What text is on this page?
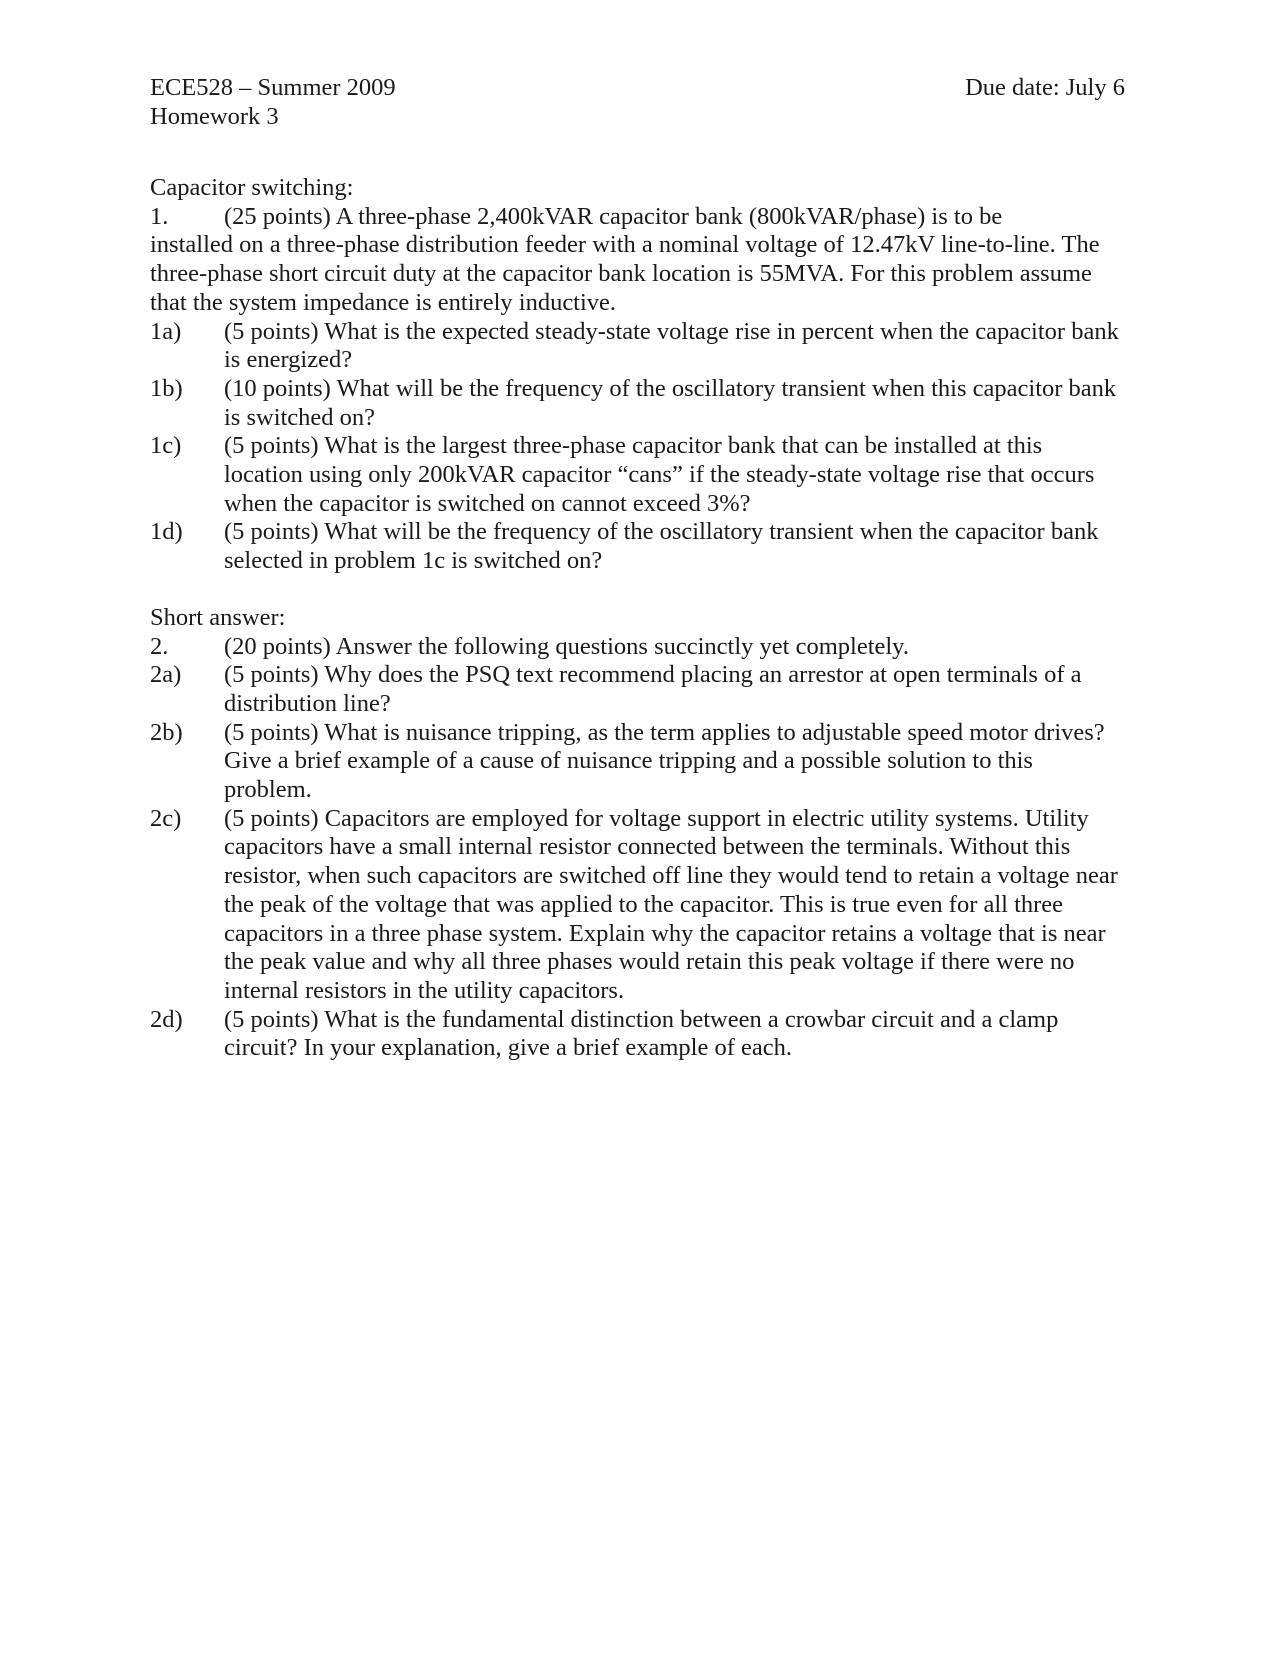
ECE528 – Summer 2009
Homework 3
Due date: July 6
Capacitor switching:
1.	(25 points) A three-phase 2,400kVAR capacitor bank (800kVAR/phase) is to be
installed on a three-phase distribution feeder with a nominal voltage of 12.47kV line-to-line. The three-phase short circuit duty at the capacitor bank location is 55MVA. For this problem assume that the system impedance is entirely inductive.
1a)	(5 points) What is the expected steady-state voltage rise in percent when the capacitor bank is energized?
1b)	(10 points) What will be the frequency of the oscillatory transient when this capacitor bank is switched on?
1c)	(5 points) What is the largest three-phase capacitor bank that can be installed at this location using only 200kVAR capacitor “cans” if the steady-state voltage rise that occurs when the capacitor is switched on cannot exceed 3%?
1d)	(5 points) What will be the frequency of the oscillatory transient when the capacitor bank selected in problem 1c is switched on?
Short answer:
2.	(20 points) Answer the following questions succinctly yet completely.
2a)	(5 points) Why does the PSQ text recommend placing an arrestor at open terminals of a distribution line?
2b)	(5 points) What is nuisance tripping, as the term applies to adjustable speed motor drives? Give a brief example of a cause of nuisance tripping and a possible solution to this problem.
2c)	(5 points) Capacitors are employed for voltage support in electric utility systems. Utility capacitors have a small internal resistor connected between the terminals. Without this resistor, when such capacitors are switched off line they would tend to retain a voltage near the peak of the voltage that was applied to the capacitor. This is true even for all three capacitors in a three phase system. Explain why the capacitor retains a voltage that is near the peak value and why all three phases would retain this peak voltage if there were no internal resistors in the utility capacitors.
2d)	(5 points) What is the fundamental distinction between a crowbar circuit and a clamp circuit? In your explanation, give a brief example of each.
